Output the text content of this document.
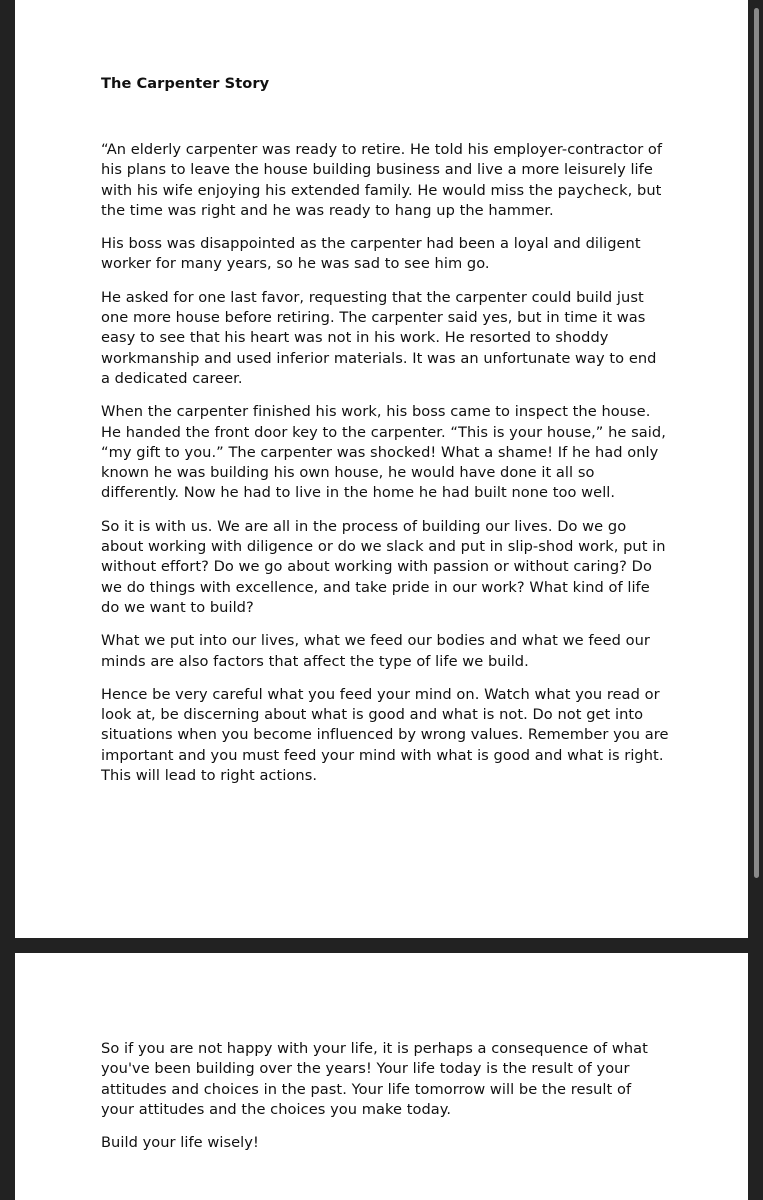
The Carpenter Story

“An elderly carpenter was ready to retire. He told his employer-contractor of
his plans to leave the house building business and live a more leisurely life
with his wife enjoying his extended family. He would miss the paycheck, but
the time was right and he was ready to hang up the hammer.

His boss was disappointed as the carpenter had been a loyal and diligent
worker for many years, so he was sad to see him go.

He asked for one last favor, requesting that the carpenter could build just
one more house before retiring. The carpenter said yes, but in time it was
easy to see that his heart was not in his work. He resorted to shoddy
workmanship and used inferior materials. It was an unfortunate way to end
a dedicated career.

When the carpenter finished his work, his boss came to inspect the house.
He handed the front door key to the carpenter. “This is your house,” he said,
“my gift to you.” The carpenter was shocked! What a shame! If he had only
known he was building his own house, he would have done it all so
differently. Now he had to live in the home he had built none too well.

So it is with us. We are all in the process of building our lives. Do we go
about working with diligence or do we slack and put in slip-shod work, put in
without effort? Do we go about working with passion or without caring? Do
we do things with excellence, and take pride in our work? What kind of life
do we want to build?

What we put into our lives, what we feed our bodies and what we feed our
minds are also factors that affect the type of life we build.

Hence be very careful what you feed your mind on. Watch what you read or
look at, be discerning about what is good and what is not. Do not get into
situations when you become influenced by wrong values. Remember you are
important and you must feed your mind with what is good and what is right.
This will lead to right actions.

So if you are not happy with your life, it is perhaps a consequence of what
you've been building over the years! Your life today is the result of your
attitudes and choices in the past. Your life tomorrow will be the result of
your attitudes and the choices you make today.

Build your life wisely!
